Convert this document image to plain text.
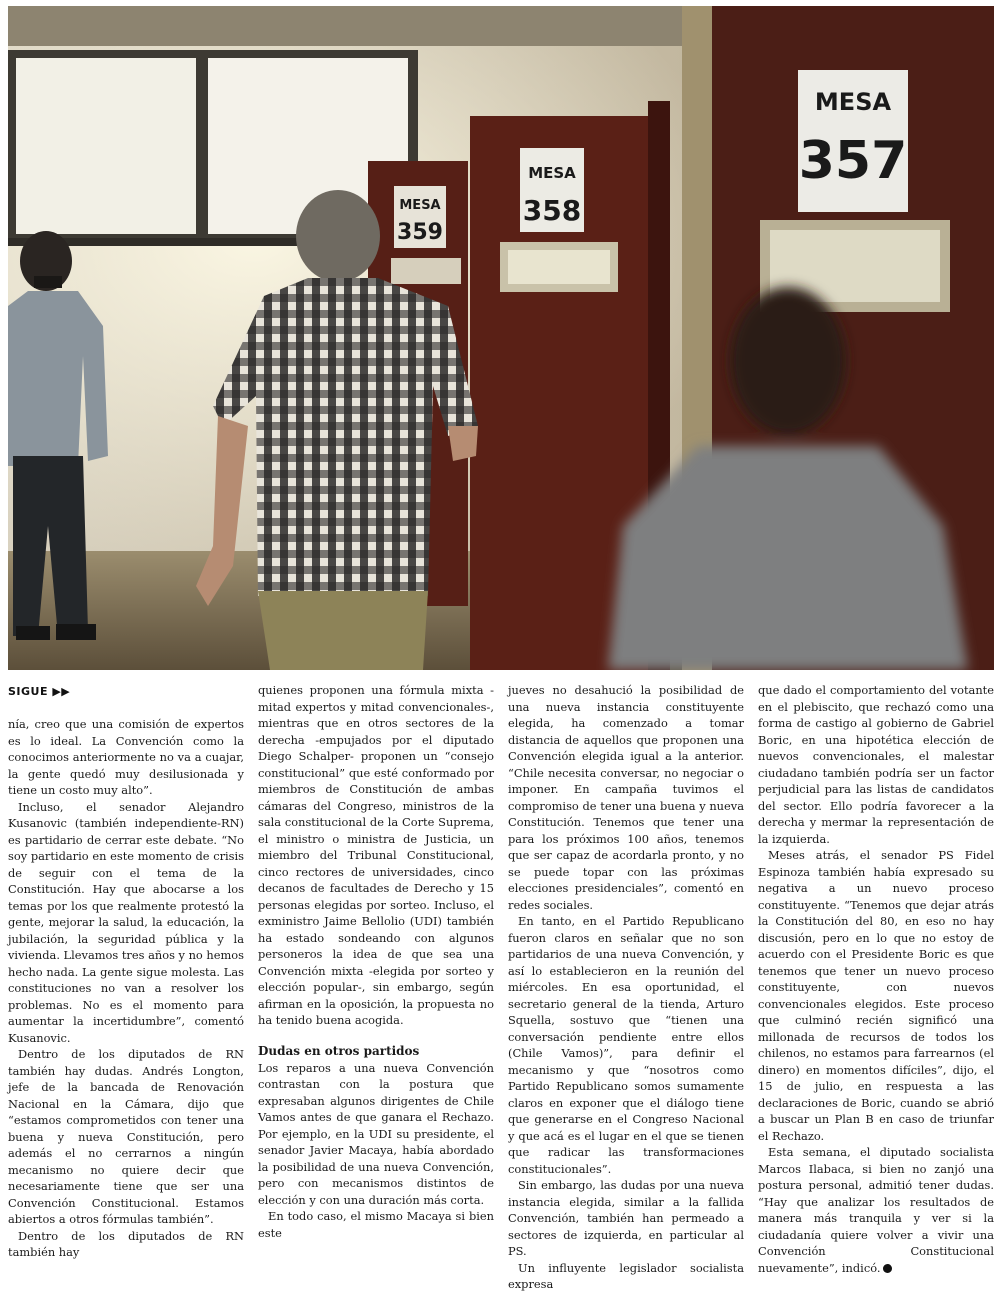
MESA
359
MESA
358
MESA
357
SIGUE ▶▶

nía, creo que una comisión de expertos es lo ideal. La Convención como la conocimos anteriormente no va a cuajar, la gente quedó muy desilusionada y tiene un costo muy alto”.

Incluso, el senador Alejandro Kusanovic (también independiente-RN) es partidario de cerrar este debate. “No soy partidario en este momento de crisis de seguir con el tema de la Constitución. Hay que abocarse a los temas por los que realmente protestó la gente, mejorar la salud, la educación, la jubilación, la seguridad pública y la vivienda. Llevamos tres años y no hemos hecho nada. La gente sigue molesta. Las constituciones no van a resolver los problemas. No es el momento para aumentar la incertidumbre”, comentó Kusanovic.

Dentro de los diputados de RN también hay dudas. Andrés Longton, jefe de la bancada de Renovación Nacional en la Cámara, dijo que “estamos comprometidos con tener una buena y nueva Constitución, pero además el no cerrarnos a ningún mecanismo no quiere decir que necesariamente tiene que ser una Convención Constitucional. Estamos abiertos a otros fórmulas también”.

Dentro de los diputados de RN también hay

quienes proponen una fórmula mixta -mitad expertos y mitad convencionales-, mientras que en otros sectores de la derecha -empujados por el diputado Diego Schalper- proponen un “consejo constitucional” que esté conformado por miembros de Constitución de ambas cámaras del Congreso, ministros de la sala constitucional de la Corte Suprema, el ministro o ministra de Justicia, un miembro del Tribunal Constitucional, cinco rectores de universidades, cinco decanos de facultades de Derecho y 15 personas elegidas por sorteo. Incluso, el exministro Jaime Bellolio (UDI) también ha estado sondeando con algunos personeros la idea de que sea una Convención mixta -elegida por sorteo y elección popular-, sin embargo, según afirman en la oposición, la propuesta no ha tenido buena acogida.

Dudas en otros partidos

Los reparos a una nueva Convención contrastan con la postura que expresaban algunos dirigentes de Chile Vamos antes de que ganara el Rechazo. Por ejemplo, en la UDI su presidente, el senador Javier Macaya, había abordado la posibilidad de una nueva Convención, pero con mecanismos distintos de elección y con una duración más corta.

En todo caso, el mismo Macaya si bien este

jueves no desahució la posibilidad de una nueva instancia constituyente elegida, ha comenzado a tomar distancia de aquellos que proponen una Convención elegida igual a la anterior. “Chile necesita conversar, no negociar o imponer. En campaña tuvimos el compromiso de tener una buena y nueva Constitución. Tenemos que tener una para los próximos 100 años, tenemos que ser capaz de acordarla pronto, y no se puede topar con las próximas elecciones presidenciales”, comentó en redes sociales.

En tanto, en el Partido Republicano fueron claros en señalar que no son partidarios de una nueva Convención, y así lo establecieron en la reunión del miércoles. En esa oportunidad, el secretario general de la tienda, Arturo Squella, sostuvo que “tienen una conversación pendiente entre ellos (Chile Vamos)”, para definir el mecanismo y que “nosotros como Partido Republicano somos sumamente claros en exponer que el diálogo tiene que generarse en el Congreso Nacional y que acá es el lugar en el que se tienen que radicar las transformaciones constitucionales”.

Sin embargo, las dudas por una nueva instancia elegida, similar a la fallida Convención, también han permeado a sectores de izquierda, en particular al PS.

Un influyente legislador socialista expresa

que dado el comportamiento del votante en el plebiscito, que rechazó como una forma de castigo al gobierno de Gabriel Boric, en una hipotética elección de nuevos convencionales, el malestar ciudadano también podría ser un factor perjudicial para las listas de candidatos del sector. Ello podría favorecer a la derecha y mermar la representación de la izquierda.

Meses atrás, el senador PS Fidel Espinoza también había expresado su negativa a un nuevo proceso constituyente. “Tenemos que dejar atrás la Constitución del 80, en eso no hay discusión, pero en lo que no estoy de acuerdo con el Presidente Boric es que tenemos que tener un nuevo proceso constituyente, con nuevos convencionales elegidos. Este proceso que culminó recién significó una millonada de recursos de todos los chilenos, no estamos para farrearnos (el dinero) en momentos difíciles”, dijo, el 15 de julio, en respuesta a las declaraciones de Boric, cuando se abrió a buscar un Plan B en caso de triunfar el Rechazo.

Esta semana, el diputado socialista Marcos Ilabaca, si bien no zanjó una postura personal, admitió tener dudas. “Hay que analizar los resultados de manera más tranquila y ver si la ciudadanía quiere volver a vivir una Convención Constitucional nuevamente”, indicó.
